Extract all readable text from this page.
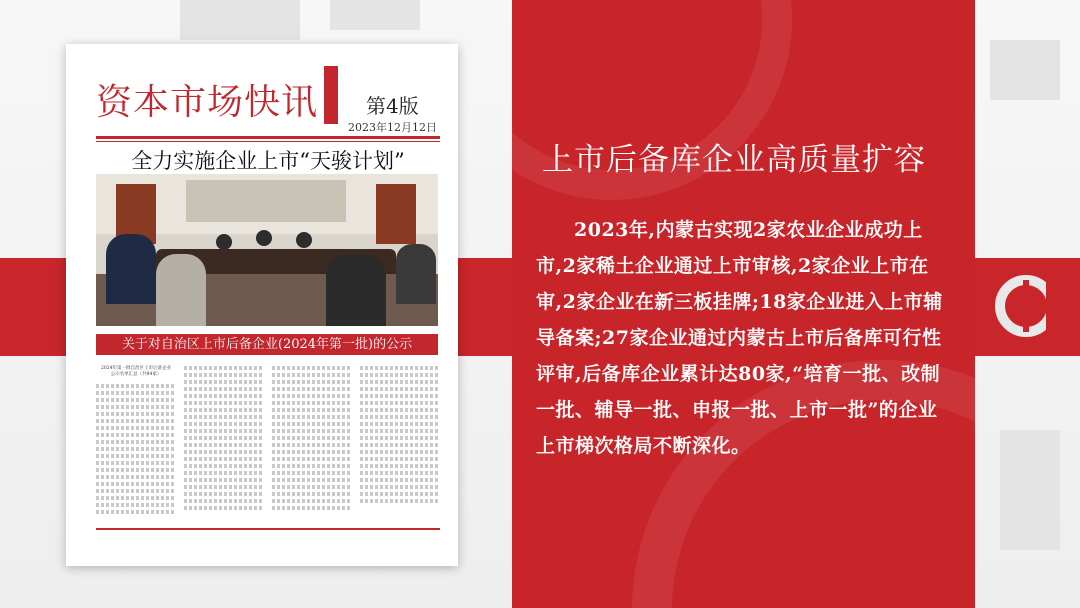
资本市场快讯 第4版
2023年12月12日
全力实施企业上市“天骏计划”
关于对自治区上市后备企业(2024年第一批)的公示
2024年第一批自治区上市后备企业
公示名单汇总（共84家）
上市后备库企业高质量扩容

2023年,内蒙古实现2家农业企业成功上市,2家稀土企业通过上市审核,2家企业上市在审,2家企业在新三板挂牌;18家企业进入上市辅导备案;27家企业通过内蒙古上市后备库可行性评审,后备库企业累计达80家,“培育一批、改制一批、辅导一批、申报一批、上市一批”的企业上市梯次格局不断深化。
